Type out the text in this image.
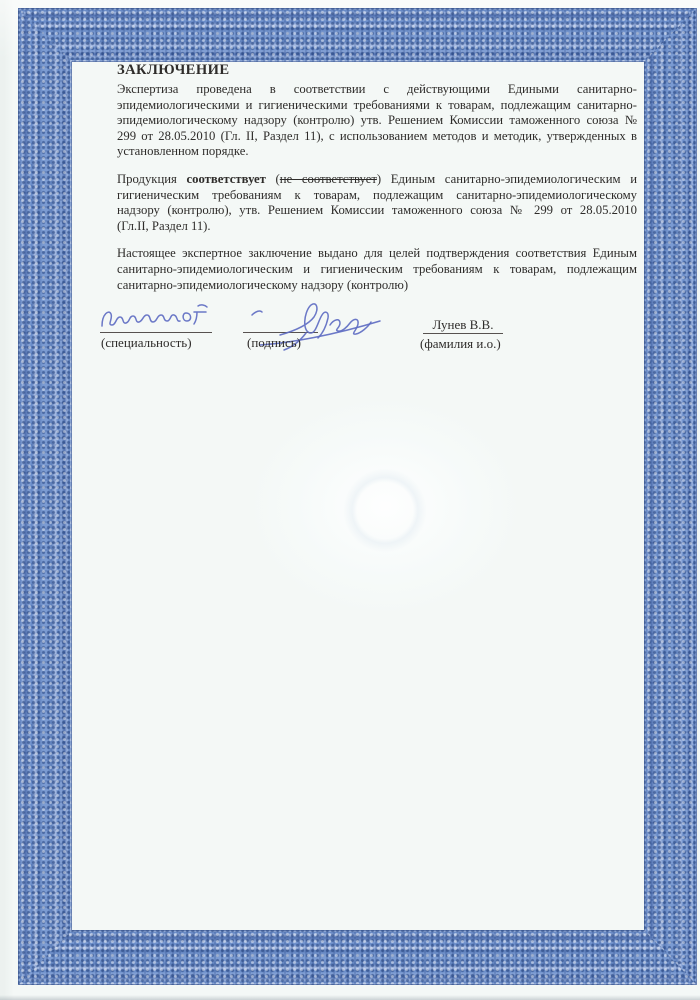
ЗАКЛЮЧЕНИЕ
Экспертиза проведена в соответствии с действующими Едиными санитарно-
эпидемиологическими и гигиеническими требованиями к товарам, подлежащим санитарно-
эпидемиологическому надзору (контролю) утв. Решением Комиссии таможенного союза №
299 от 28.05.2010 (Гл. II, Раздел 11), с использованием методов и методик, утвержденных в
установленном порядке.
Продукция соответствует (не соответствует) Единым санитарно-эпидемиологическим и
гигиеническим требованиям к товарам, подлежащим санитарно-эпидемиологическому
надзору (контролю), утв. Решением Комиссии таможенного союза № 299 от 28.05.2010
(Гл.II, Раздел 11).
Настоящее экспертное заключение выдано для целей подтверждения соответствия Единым
санитарно-эпидемиологическим и гигиеническим требованиям к товарам, подлежащим
санитарно-эпидемиологическому надзору (контролю)
(специальность)	(подпись)
Лунев В.В.
(фамилия и.о.)
